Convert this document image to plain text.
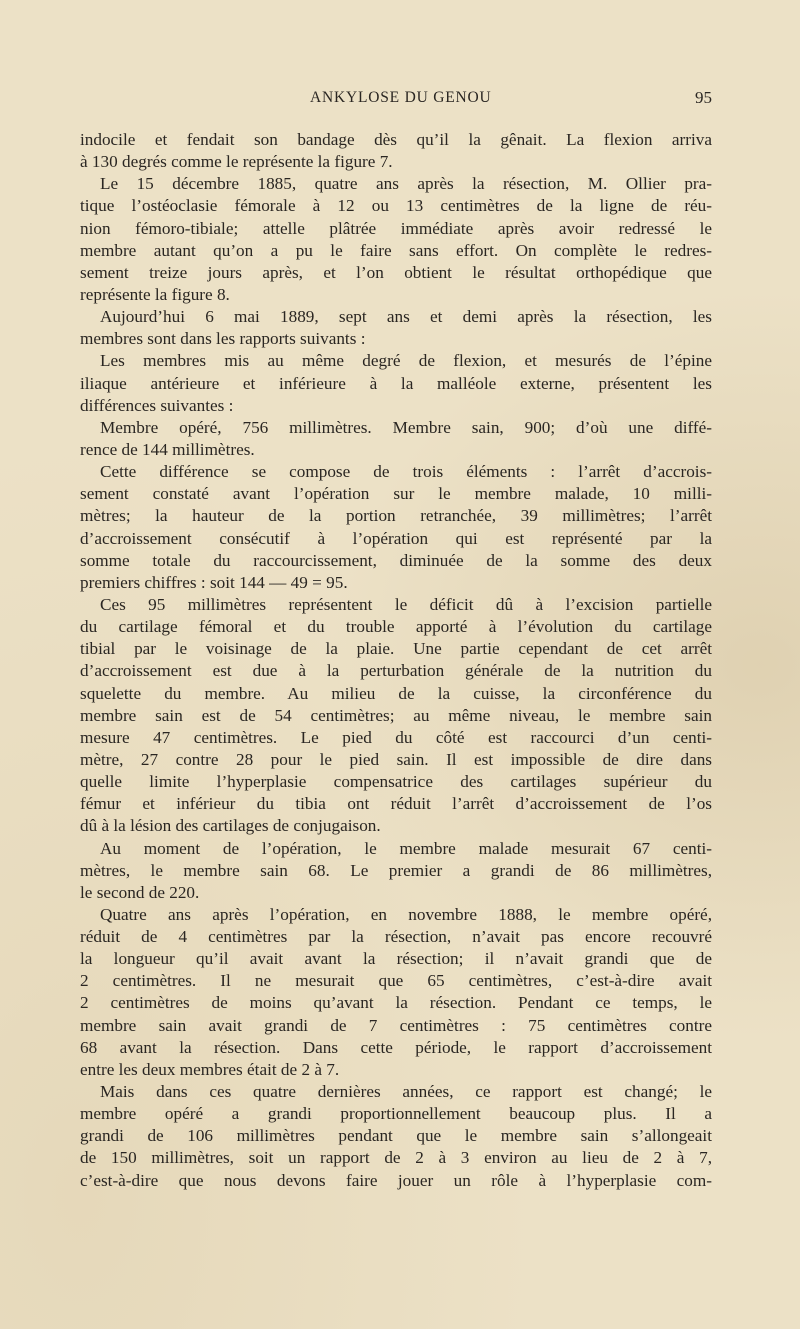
ANKYLOSE DU GENOU	95
indocile et fendait son bandage dès qu’il la gênait. La flexion arriva
à 130 degrés comme le représente la figure 7.
Le 15 décembre 1885, quatre ans après la résection, M. Ollier pra-
tique l’ostéoclasie fémorale à 12 ou 13 centimètres de la ligne de réu-
nion fémoro-tibiale; attelle plâtrée immédiate après avoir redressé le
membre autant qu’on a pu le faire sans effort. On complète le redres-
sement treize jours après, et l’on obtient le résultat orthopédique que
représente la figure 8.
Aujourd’hui 6 mai 1889, sept ans et demi après la résection, les
membres sont dans les rapports suivants :
Les membres mis au même degré de flexion, et mesurés de l’épine
iliaque antérieure et inférieure à la malléole externe, présentent les
différences suivantes :
Membre opéré, 756 millimètres. Membre sain, 900; d’où une diffé-
rence de 144 millimètres.
Cette différence se compose de trois éléments : l’arrêt d’accrois-
sement constaté avant l’opération sur le membre malade, 10 milli-
mètres; la hauteur de la portion retranchée, 39 millimètres; l’arrêt
d’accroissement consécutif à l’opération qui est représenté par la
somme totale du raccourcissement, diminuée de la somme des deux
premiers chiffres : soit 144 — 49 = 95.
Ces 95 millimètres représentent le déficit dû à l’excision partielle
du cartilage fémoral et du trouble apporté à l’évolution du cartilage
tibial par le voisinage de la plaie. Une partie cependant de cet arrêt
d’accroissement est due à la perturbation générale de la nutrition du
squelette du membre. Au milieu de la cuisse, la circonférence du
membre sain est de 54 centimètres; au même niveau, le membre sain
mesure 47 centimètres. Le pied du côté est raccourci d’un centi-
mètre, 27 contre 28 pour le pied sain. Il est impossible de dire dans
quelle limite l’hyperplasie compensatrice des cartilages supérieur du
fémur et inférieur du tibia ont réduit l’arrêt d’accroissement de l’os
dû à la lésion des cartilages de conjugaison.
Au moment de l’opération, le membre malade mesurait 67 centi-
mètres, le membre sain 68. Le premier a grandi de 86 millimètres,
le second de 220.
Quatre ans après l’opération, en novembre 1888, le membre opéré,
réduit de 4 centimètres par la résection, n’avait pas encore recouvré
la longueur qu’il avait avant la résection; il n’avait grandi que de
2 centimètres. Il ne mesurait que 65 centimètres, c’est-à-dire avait
2 centimètres de moins qu’avant la résection. Pendant ce temps, le
membre sain avait grandi de 7 centimètres : 75 centimètres contre
68 avant la résection. Dans cette période, le rapport d’accroissement
entre les deux membres était de 2 à 7.
Mais dans ces quatre dernières années, ce rapport est changé; le
membre opéré a grandi proportionnellement beaucoup plus. Il a
grandi de 106 millimètres pendant que le membre sain s’allongeait
de 150 millimètres, soit un rapport de 2 à 3 environ au lieu de 2 à 7,
c’est-à-dire que nous devons faire jouer un rôle à l’hyperplasie com-
